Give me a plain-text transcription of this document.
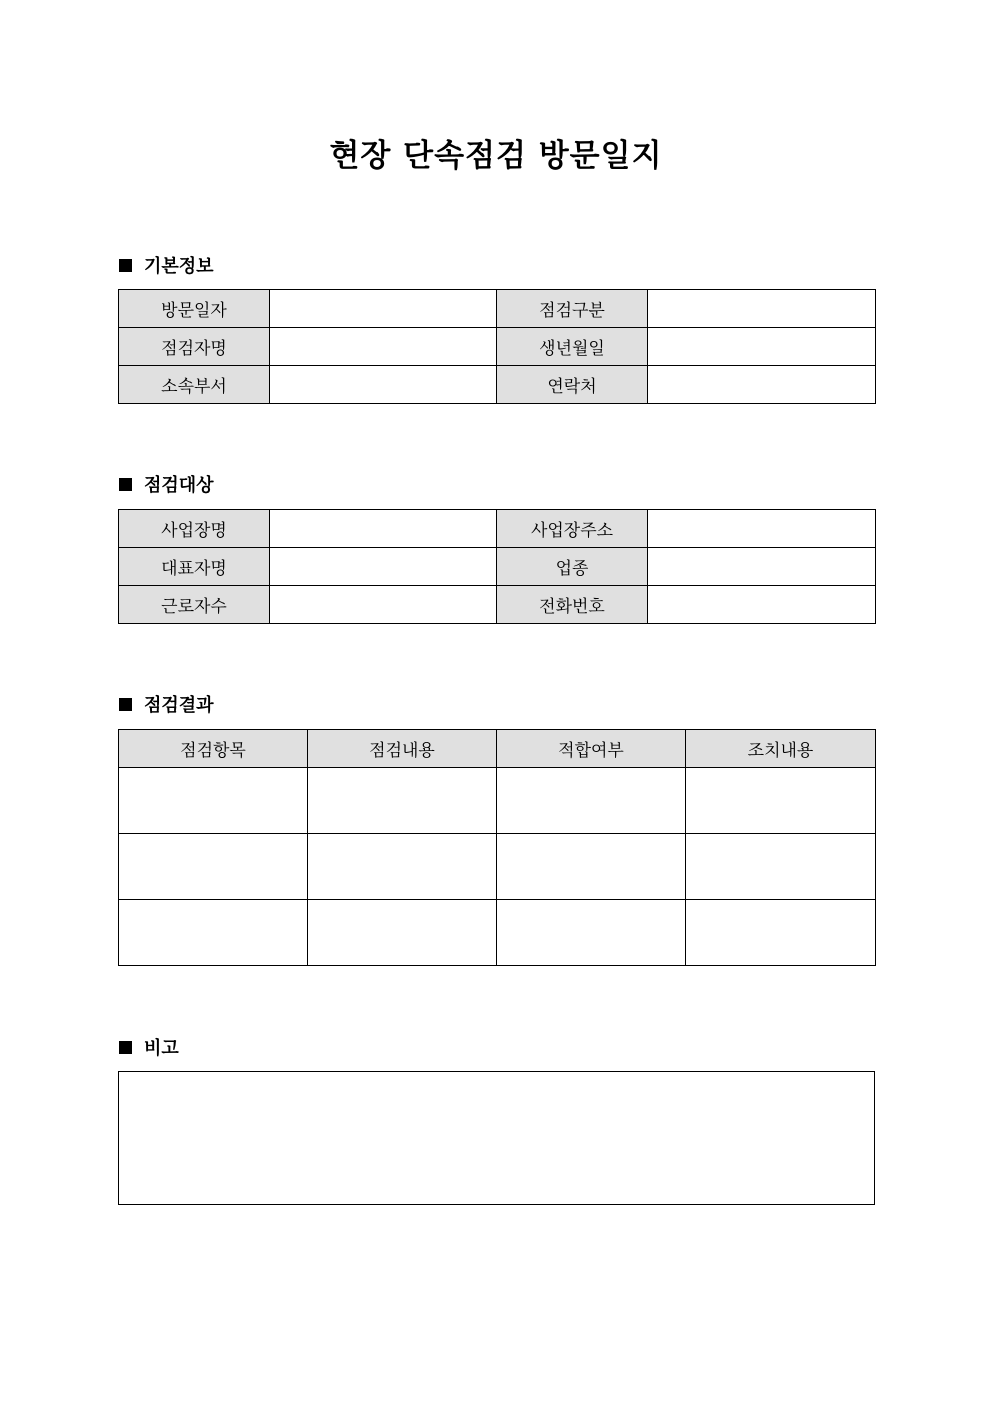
현장 단속점검 방문일지
기본정보
방문일자		점검구분	
점검자명		생년월일	
소속부서		연락처	
점검대상
사업장명		사업장주소	
대표자명		업종	
근로자수		전화번호	
점검결과
점검항목	점검내용	적합여부	조치내용

비고
